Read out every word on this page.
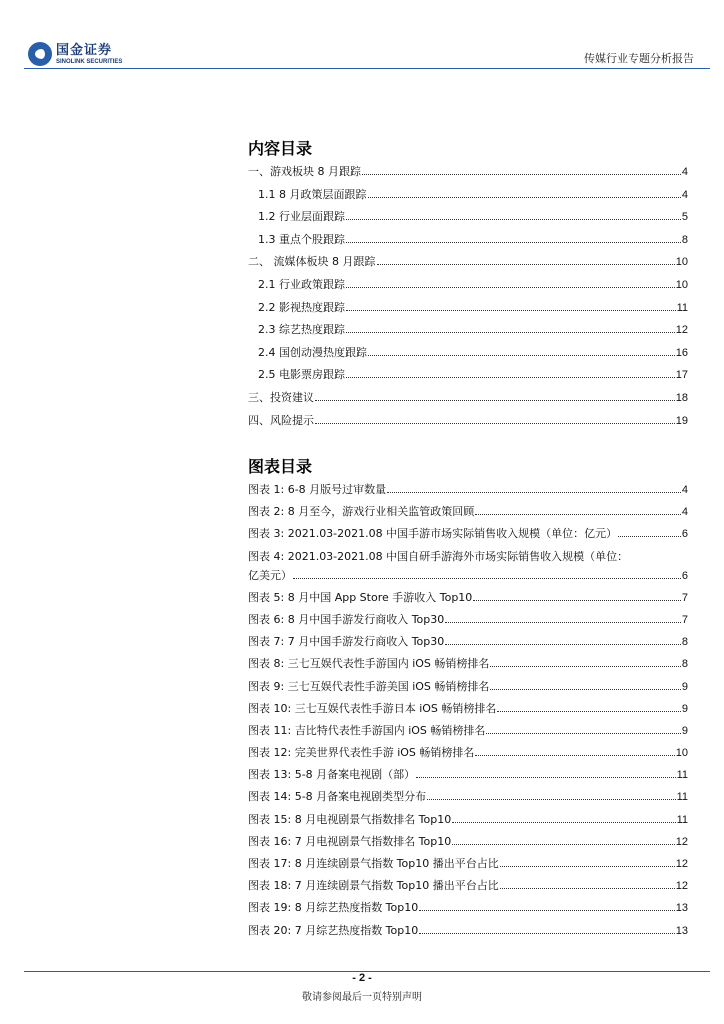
国金证券
SINOLINK SECURITIES	传媒行业专题分析报告
内容目录
一、游戏板块 8 月跟踪	4
1.1 8 月政策层面跟踪	4
1.2 行业层面跟踪	5
1.3 重点个股跟踪	8
二、 流媒体板块 8 月跟踪	10
2.1 行业政策跟踪	10
2.2 影视热度跟踪	11
2.3 综艺热度跟踪	12
2.4 国创动漫热度跟踪	16
2.5 电影票房跟踪	17
三、投资建议	18
四、风险提示	19
图表目录
图表 1: 6-8 月版号过审数量	4
图表 2: 8 月至今，游戏行业相关监管政策回顾	4
图表 3: 2021.03-2021.08 中国手游市场实际销售收入规模（单位：亿元）	6
图表 4: 2021.03-2021.08 中国自研手游海外市场实际销售收入规模（单位：
亿美元）	6
图表 5: 8 月中国 App Store 手游收入 Top10	7
图表 6: 8 月中国手游发行商收入 Top30	7
图表 7: 7 月中国手游发行商收入 Top30	8
图表 8: 三七互娱代表性手游国内 iOS 畅销榜排名	8
图表 9: 三七互娱代表性手游美国 iOS 畅销榜排名	9
图表 10: 三七互娱代表性手游日本 iOS 畅销榜排名	9
图表 11: 吉比特代表性手游国内 iOS 畅销榜排名	9
图表 12: 完美世界代表性手游 iOS 畅销榜排名	10
图表 13: 5-8 月备案电视剧（部）	11
图表 14: 5-8 月备案电视剧类型分布	11
图表 15: 8 月电视剧景气指数排名 Top10	11
图表 16: 7 月电视剧景气指数排名 Top10	12
图表 17: 8 月连续剧景气指数 Top10 播出平台占比	12
图表 18: 7 月连续剧景气指数 Top10 播出平台占比	12
图表 19: 8 月综艺热度指数 Top10	13
图表 20: 7 月综艺热度指数 Top10	13
- 2 -
敬请参阅最后一页特别声明
